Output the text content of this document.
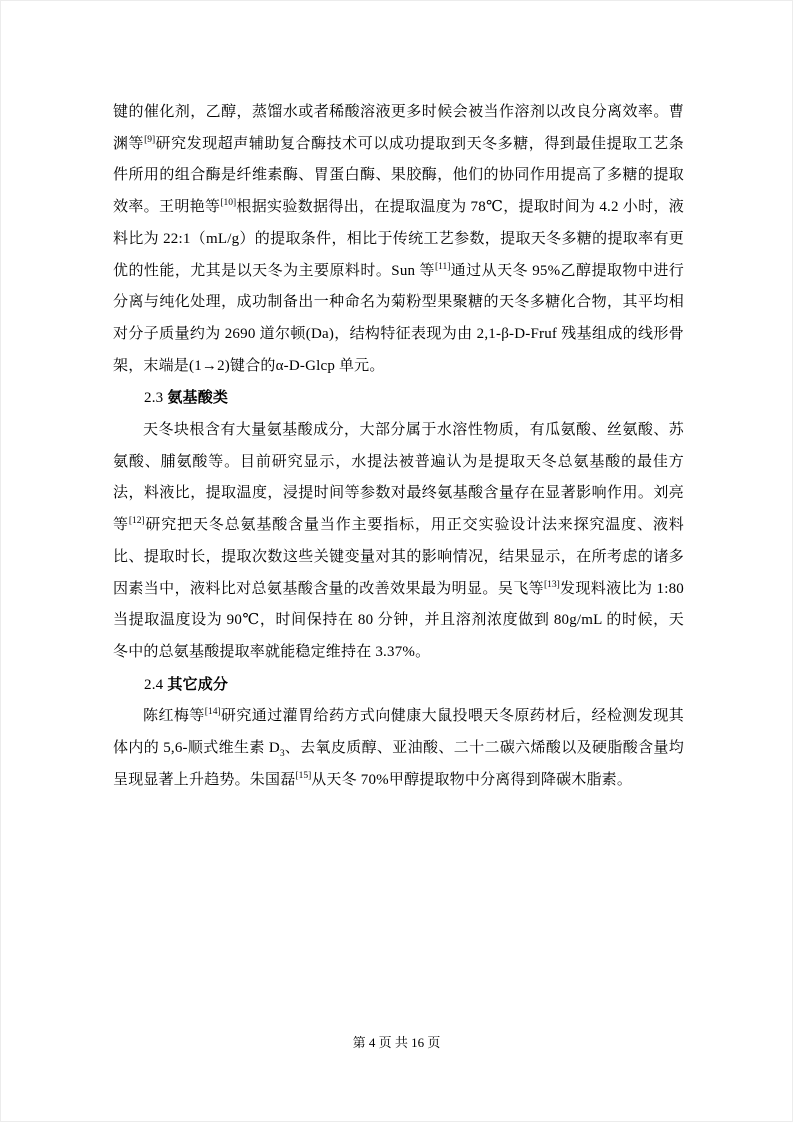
键的催化剂，乙醇，蒸馏水或者稀酸溶液更多时候会被当作溶剂以改良分离效率。曹渊等[9]研究发现超声辅助复合酶技术可以成功提取到天冬多糖，得到最佳提取工艺条件所用的组合酶是纤维素酶、胃蛋白酶、果胶酶，他们的协同作用提高了多糖的提取效率。王明艳等[10]根据实验数据得出，在提取温度为 78℃，提取时间为 4.2 小时，液料比为 22:1（mL/g）的提取条件，相比于传统工艺参数，提取天冬多糖的提取率有更优的性能，尤其是以天冬为主要原料时。Sun 等[11]通过从天冬 95%乙醇提取物中进行分离与纯化处理，成功制备出一种命名为菊粉型果聚糖的天冬多糖化合物，其平均相对分子质量约为 2690 道尔顿(Da)，结构特征表现为由 2,1-β-D-Fruf 残基组成的线形骨架，末端是(1→2)键合的α-D-Glcp 单元。

2.3 氨基酸类

天冬块根含有大量氨基酸成分，大部分属于水溶性物质，有瓜氨酸、丝氨酸、苏氨酸、脯氨酸等。目前研究显示，水提法被普遍认为是提取天冬总氨基酸的最佳方法，料液比，提取温度，浸提时间等参数对最终氨基酸含量存在显著影响作用。刘亮等[12]研究把天冬总氨基酸含量当作主要指标，用正交实验设计法来探究温度、液料比、提取时长，提取次数这些关键变量对其的影响情况，结果显示，在所考虑的诸多因素当中，液料比对总氨基酸含量的改善效果最为明显。吴飞等[13]发现料液比为 1:80 当提取温度设为 90℃，时间保持在 80 分钟，并且溶剂浓度做到 80g/mL 的时候，天冬中的总氨基酸提取率就能稳定维持在 3.37%。

2.4 其它成分

陈红梅等[14]研究通过灌胃给药方式向健康大鼠投喂天冬原药材后，经检测发现其体内的 5,6-顺式维生素 $D_3$、去氧皮质醇、亚油酸、二十二碳六烯酸以及硬脂酸含量均呈现显著上升趋势。朱国磊[15]从天冬 70%甲醇提取物中分离得到降碳木脂素。

第 4 页 共 16 页
